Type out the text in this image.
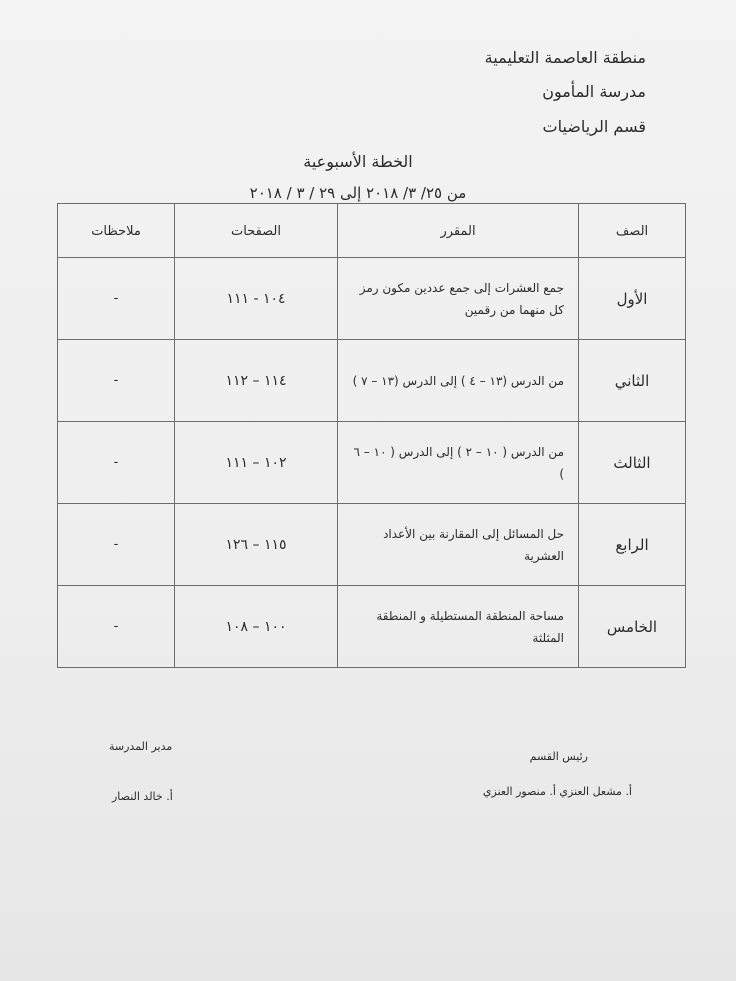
منطقة العاصمة التعليمية
مدرسة المأمون
قسم الرياضيات
الخطة الأسبوعية
من ٢٥/ ٣/ ٢٠١٨ إلى ٢٩ / ٣ / ٢٠١٨
الصف	المقرر	الصفحات	ملاحظات
الأول	جمع العشرات إلى جمع عددين مكون رمز كل منهما من رقمين	١٠٤ - ١١١	-
الثاني	من الدرس (١٣ – ٤ ) إلى الدرس (١٣ – ٧ )	١١٤ – ١١٢	-
الثالث	من الدرس ( ١٠ – ٢ ) إلى الدرس ( ١٠ – ٦ )	١٠٢ – ١١١	-
الرابع	حل المسائل إلى المقارنة بين الأعداد العشرية	١١٥ – ١٢٦	-
الخامس	مساحة المنطقة المستطيلة و المنطقة المثلثة	١٠٠ – ١٠٨	-
رئيس القسم
أ. مشعل العنزي أ. منصور العنزي
مدير المدرسة
أ. خالد النصار
